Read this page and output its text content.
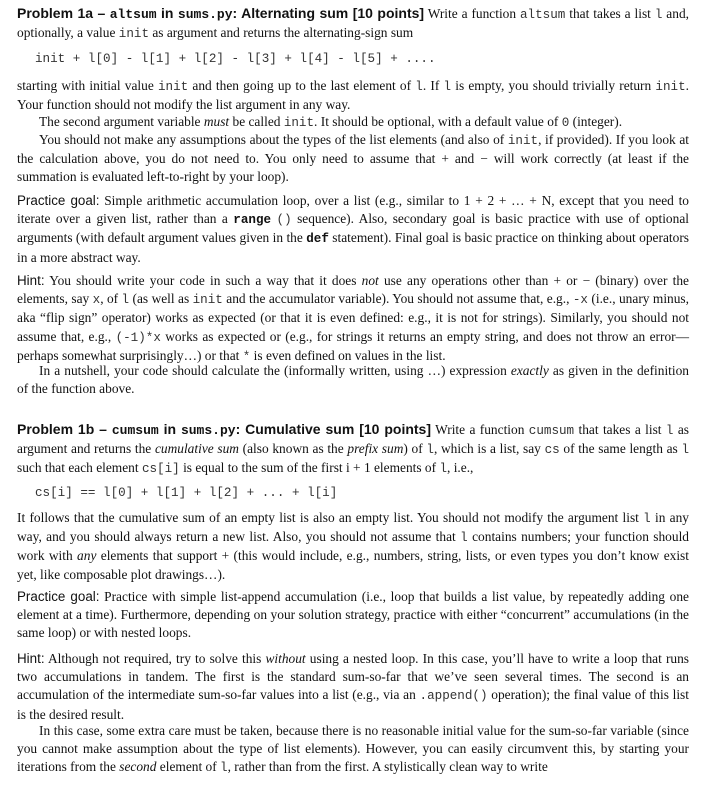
Problem 1a – altsum in sums.py: Alternating sum [10 points] Write a function altsum that takes a list l and, optionally, a value init as argument and returns the alternating-sign sum

init + l[0] - l[1] + l[2] - l[3] + l[4] - l[5] + ....

starting with initial value init and then going up to the last element of l. If l is empty, you should trivially return init. Your function should not modify the list argument in any way.

The second argument variable must be called init. It should be optional, with a default value of 0 (integer).

You should not make any assumptions about the types of the list elements (and also of init, if provided). If you look at the calculation above, you do not need to. You only need to assume that + and − will work correctly (at least if the summation is evaluated left-to-right by your loop).

Practice goal: Simple arithmetic accumulation loop, over a list (e.g., similar to 1 + 2 + … + N, except that you need to iterate over a given list, rather than a range () sequence). Also, secondary goal is basic practice with use of optional arguments (with default argument values given in the def statement). Final goal is basic practice on thinking about operators in a more abstract way.

Hint: You should write your code in such a way that it does not use any operations other than + or − (binary) over the elements, say x, of l (as well as init and the accumulator variable). You should not assume that, e.g., -x (i.e., unary minus, aka “flip sign” operator) works as expected (or that it is even defined: e.g., it is not for strings). Similarly, you should not assume that, e.g., (-1)*x works as expected or (e.g., for strings it returns an empty string, and does not throw an error—perhaps somewhat surprisingly…) or that * is even defined on values in the list.

In a nutshell, your code should calculate the (informally written, using …) expression exactly as given in the definition of the function above.

Problem 1b – cumsum in sums.py: Cumulative sum [10 points] Write a function cumsum that takes a list l as argument and returns the cumulative sum (also known as the prefix sum) of l, which is a list, say cs of the same length as l such that each element cs[i] is equal to the sum of the first i + 1 elements of l, i.e.,

cs[i] == l[0] + l[1] + l[2] + ... + l[i]

It follows that the cumulative sum of an empty list is also an empty list. You should not modify the argument list l in any way, and you should always return a new list. Also, you should not assume that l contains numbers; your function should work with any elements that support + (this would include, e.g., numbers, string, lists, or even types you don’t know exist yet, like composable plot drawings…).

Practice goal: Practice with simple list-append accumulation (i.e., loop that builds a list value, by repeatedly adding one element at a time). Furthermore, depending on your solution strategy, practice with either “concurrent” accumulations (in the same loop) or with nested loops.

Hint: Although not required, try to solve this without using a nested loop. In this case, you’ll have to write a loop that runs two accumulations in tandem. The first is the standard sum-so-far that we’ve seen several times. The second is an accumulation of the intermediate sum-so-far values into a list (e.g., via an .append() operation); the final value of this list is the desired result.

In this case, some extra care must be taken, because there is no reasonable initial value for the sum-so-far variable (since you cannot make assumption about the type of list elements). However, you can easily circumvent this, by starting your iterations from the second element of l, rather than from the first. A stylistically clean way to write
